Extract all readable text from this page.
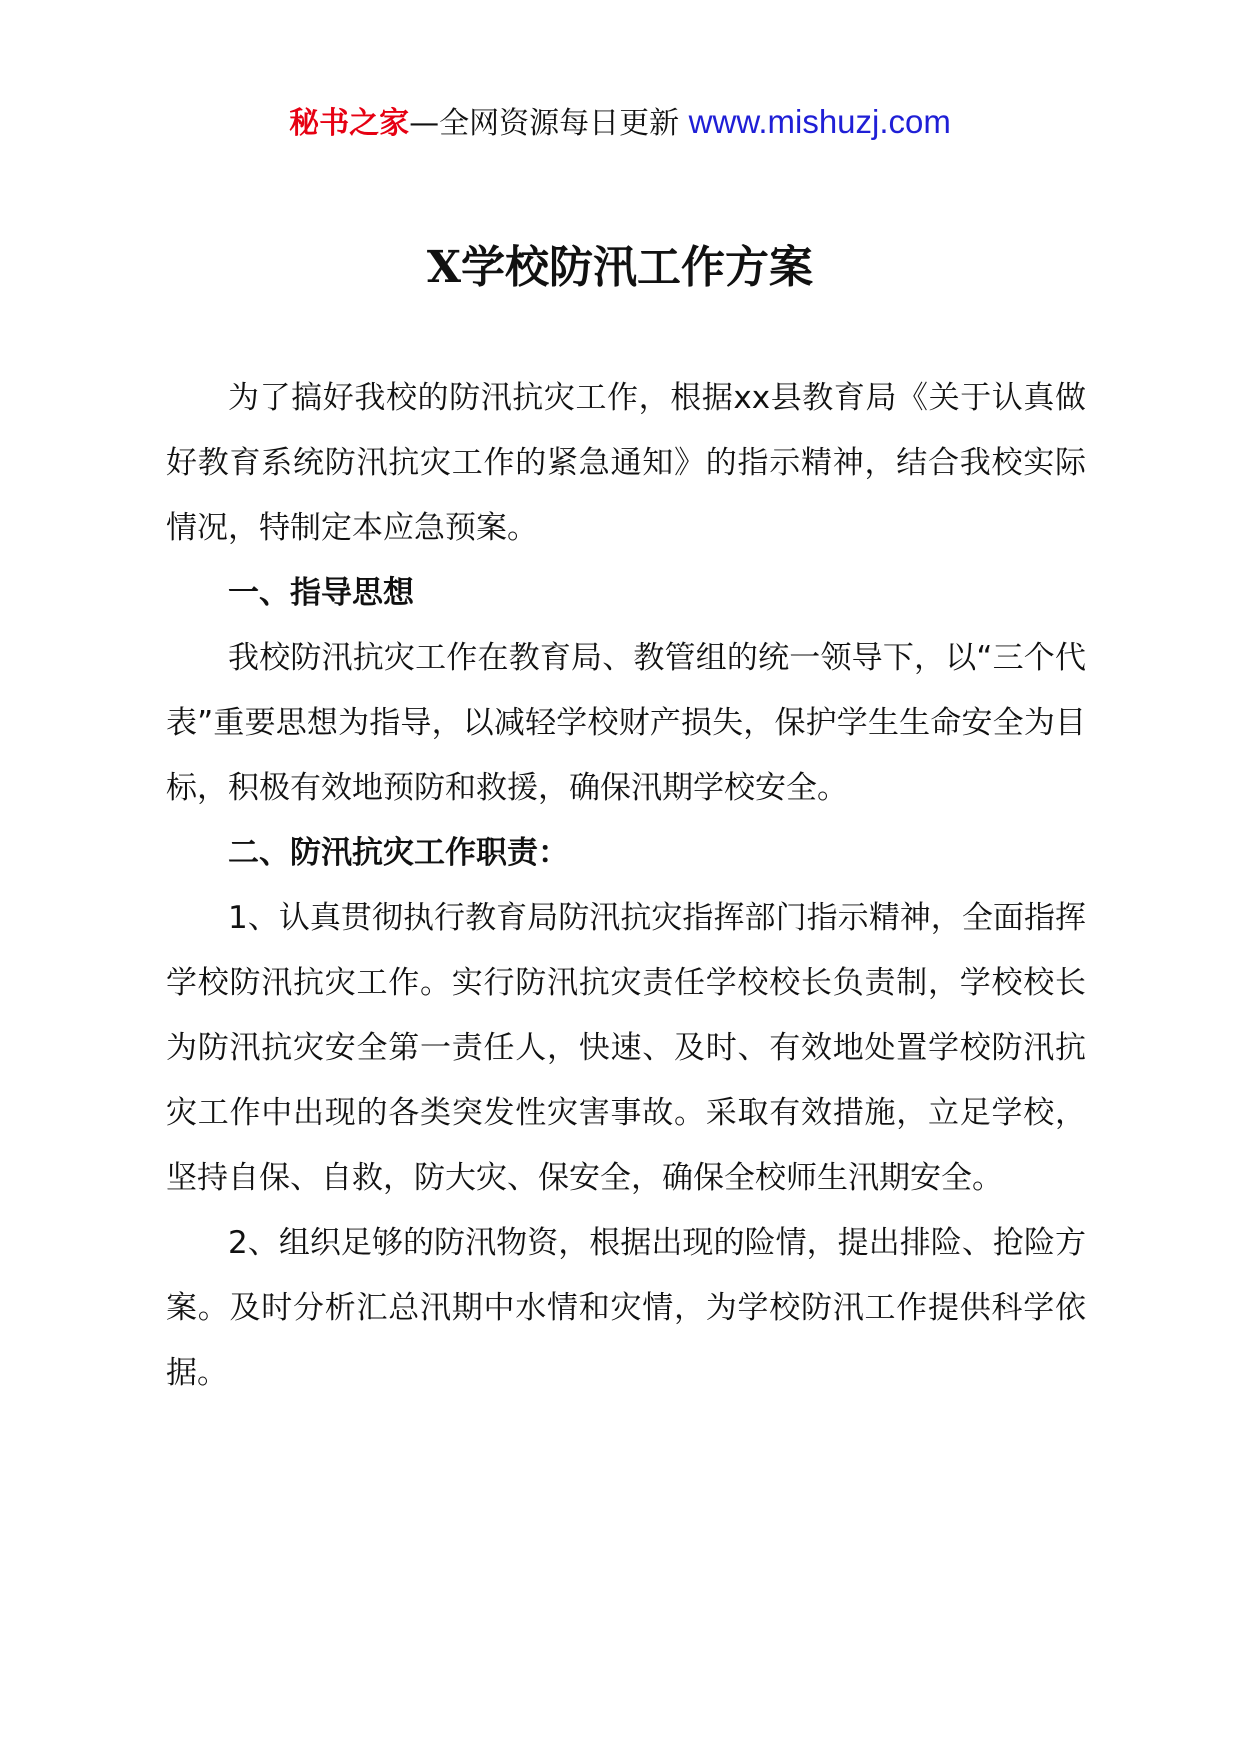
秘书之家—全网资源每日更新 www.mishuzj.com
X学校防汛工作方案

为了搞好我校的防汛抗灾工作，根据xx县教育局《关于认真做好教育系统防汛抗灾工作的紧急通知》的指示精神，结合我校实际情况，特制定本应急预案。

一、指导思想

我校防汛抗灾工作在教育局、教管组的统一领导下，以“三个代表”重要思想为指导，以减轻学校财产损失，保护学生生命安全为目标，积极有效地预防和救援，确保汛期学校安全。

二、防汛抗灾工作职责：

1、认真贯彻执行教育局防汛抗灾指挥部门指示精神，全面指挥学校防汛抗灾工作。实行防汛抗灾责任学校校长负责制，学校校长为防汛抗灾安全第一责任人，快速、及时、有效地处置学校防汛抗灾工作中出现的各类突发性灾害事故。采取有效措施，立足学校，坚持自保、自救，防大灾、保安全，确保全校师生汛期安全。

2、组织足够的防汛物资，根据出现的险情，提出排险、抢险方案。及时分析汇总汛期中水情和灾情，为学校防汛工作提供科学依据。
